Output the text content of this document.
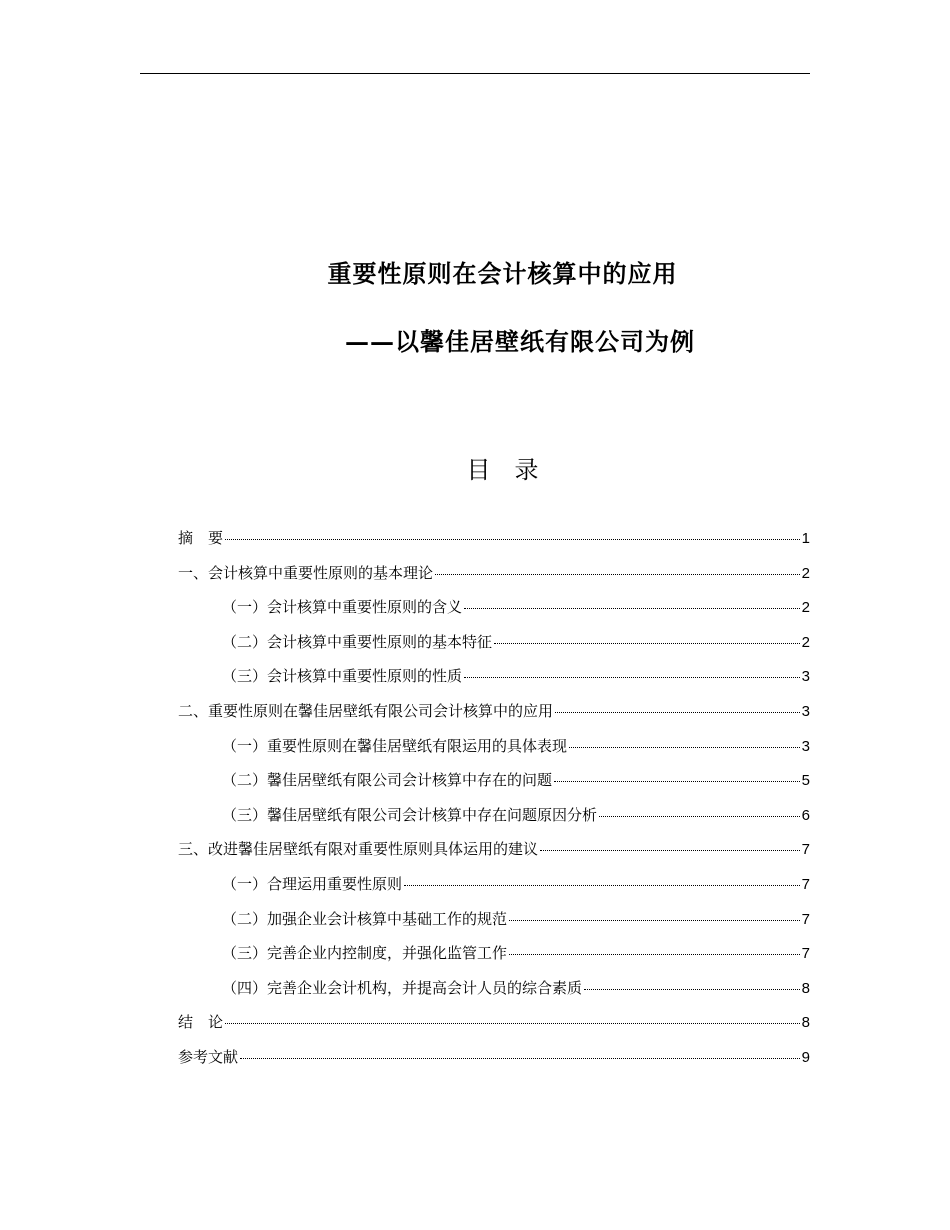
重要性原则在会计核算中的应用
——以馨佳居壁纸有限公司为例
目　录
摘　要	1
一、会计核算中重要性原则的基本理论	2
（一）会计核算中重要性原则的含义	2
（二）会计核算中重要性原则的基本特征	2
（三）会计核算中重要性原则的性质	3
二、重要性原则在馨佳居壁纸有限公司会计核算中的应用	3
（一）重要性原则在馨佳居壁纸有限运用的具体表现	3
（二）馨佳居壁纸有限公司会计核算中存在的问题	5
（三）馨佳居壁纸有限公司会计核算中存在问题原因分析	6
三、改进馨佳居壁纸有限对重要性原则具体运用的建议	7
（一）合理运用重要性原则	7
（二）加强企业会计核算中基础工作的规范	7
（三）完善企业内控制度，并强化监管工作	7
（四）完善企业会计机构，并提高会计人员的综合素质	8
结　论	8
参考文献	9
